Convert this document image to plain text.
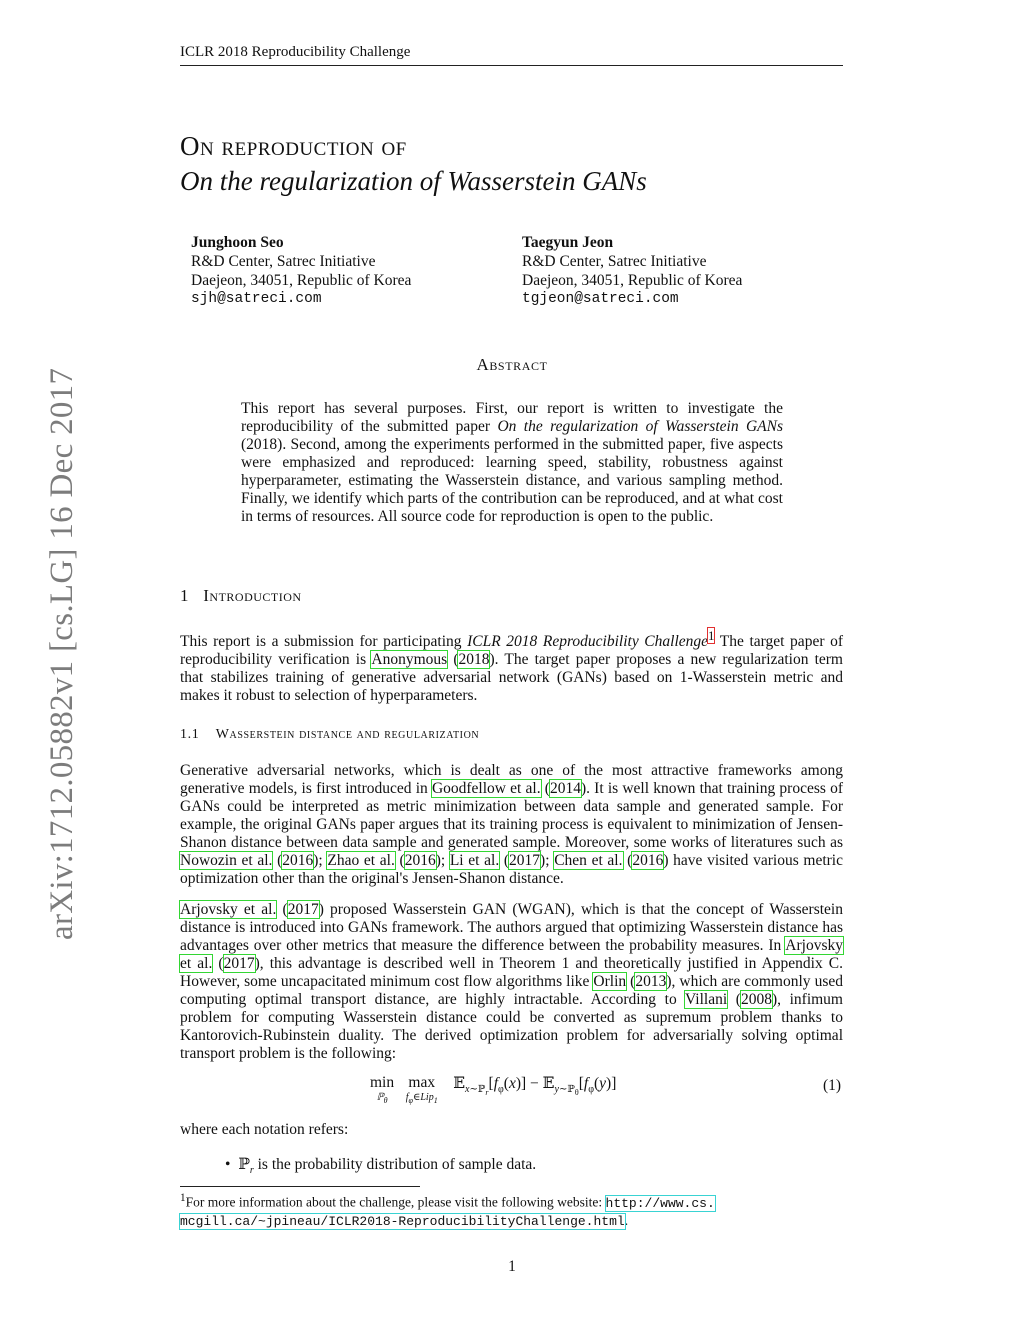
ICLR 2018 Reproducibility Challenge
arXiv:1712.05882v1 [cs.LG] 16 Dec 2017
On reproduction of
On the regularization of Wasserstein GANs
Junghoon Seo
R&D Center, Satrec Initiative
Daejeon, 34051, Republic of Korea
sjh@satreci.com
Taegyun Jeon
R&D Center, Satrec Initiative
Daejeon, 34051, Republic of Korea
tgjeon@satreci.com
Abstract
This report has several purposes. First, our report is written to investigate the reproducibility of the submitted paper On the regularization of Wasserstein GANs (2018). Second, among the experiments performed in the submitted paper, five aspects were emphasized and reproduced: learning speed, stability, robustness against hyperparameter, estimating the Wasserstein distance, and various sampling method. Finally, we identify which parts of the contribution can be reproduced, and at what cost in terms of resources. All source code for reproduction is open to the public.
1 Introduction
This report is a submission for participating ICLR 2018 Reproducibility Challenge$^1$ The target paper of reproducibility verification is Anonymous (2018). The target paper proposes a new regularization term that stabilizes training of generative adversarial network (GANs) based on 1-Wasserstein metric and makes it robust to selection of hyperparameters.
1.1 Wasserstein distance and regularization
Generative adversarial networks, which is dealt as one of the most attractive frameworks among generative models, is first introduced in Goodfellow et al. (2014). It is well known that training process of GANs could be interpreted as metric minimization between data sample and generated sample. For example, the original GANs paper argues that its training process is equivalent to minimization of Jensen-Shanon distance between data sample and generated sample. Moreover, some works of literatures such as Nowozin et al. (2016); Zhao et al. (2016); Li et al. (2017); Chen et al. (2016) have visited various metric optimization other than the original's Jensen-Shanon distance.
Arjovsky et al. (2017) proposed Wasserstein GAN (WGAN), which is that the concept of Wasserstein distance is introduced into GANs framework. The authors argued that optimizing Wasserstein distance has advantages over other metrics that measure the difference between the probability measures. In Arjovsky et al. (2017), this advantage is described well in Theorem 1 and theoretically justified in Appendix C. However, some uncapacitated minimum cost flow algorithms like Orlin (2013), which are commonly used computing optimal transport distance, are highly intractable. According to Villani (2008), infimum problem for computing Wasserstein distance could be converted as supremum problem thanks to Kantorovich-Rubinstein duality. The derived optimization problem for adversarially solving optimal transport problem is the following:
min
ℙ$_\theta$

max
$f_\varphi\in Lip_1$
$𝔼_{x\sim ℙ_r}[f_\varphi(x)]$ − $𝔼_{y\sim ℙ_\theta}[f_\varphi(y)]$	(1)
where each notation refers:
• ℙ$_r$ is the probability distribution of sample data.
$^1$For more information about the challenge, please visit the following website: http://www.cs.
mcgill.ca/~jpineau/ICLR2018-ReproducibilityChallenge.html.
1
